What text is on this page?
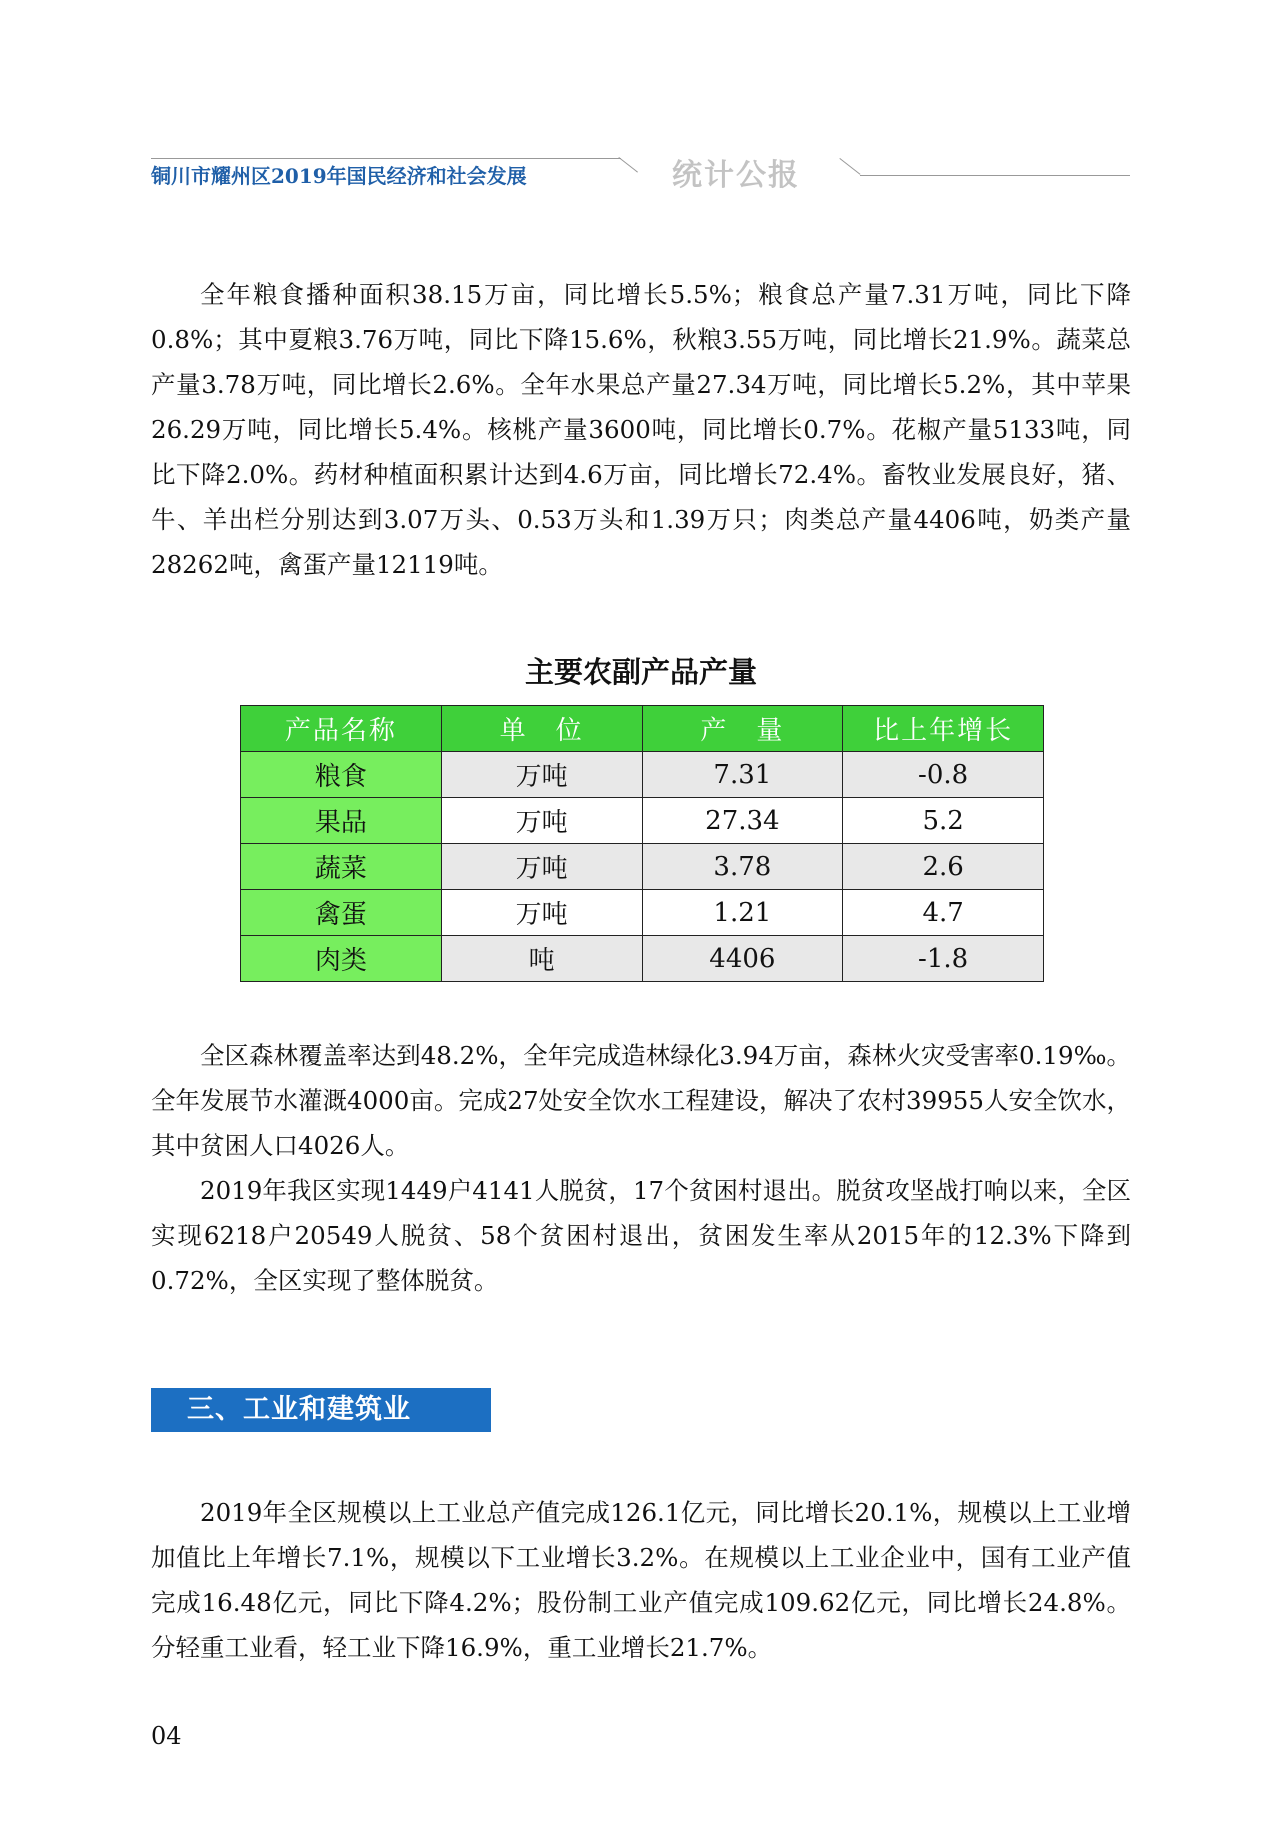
铜川市耀州区2019年国民经济和社会发展	统计公报

全年粮食播种面积38.15万亩，同比增长5.5%；粮食总产量7.31万吨，同比下降0.8%；其中夏粮3.76万吨，同比下降15.6%，秋粮3.55万吨，同比增长21.9%。蔬菜总产量3.78万吨，同比增长2.6%。全年水果总产量27.34万吨，同比增长5.2%，其中苹果26.29万吨，同比增长5.4%。核桃产量3600吨，同比增长0.7%。花椒产量5133吨，同比下降2.0%。药材种植面积累计达到4.6万亩，同比增长72.4%。畜牧业发展良好，猪、牛、羊出栏分别达到3.07万头、0.53万头和1.39万只；肉类总产量4406吨，奶类产量28262吨，禽蛋产量12119吨。

主要农副产品产量
产品名称	单　位	产　量	比上年增长
粮食	万吨	7.31	-0.8
果品	万吨	27.34	5.2
蔬菜	万吨	3.78	2.6
禽蛋	万吨	1.21	4.7
肉类	吨	4406	-1.8

全区森林覆盖率达到48.2%，全年完成造林绿化3.94万亩，森林火灾受害率0.19‰。全年发展节水灌溉4000亩。完成27处安全饮水工程建设，解决了农村39955人安全饮水，其中贫困人口4026人。

2019年我区实现1449户4141人脱贫，17个贫困村退出。脱贫攻坚战打响以来，全区实现6218户20549人脱贫、58个贫困村退出，贫困发生率从2015年的12.3%下降到0.72%，全区实现了整体脱贫。

三、工业和建筑业

2019年全区规模以上工业总产值完成126.1亿元，同比增长20.1%，规模以上工业增加值比上年增长7.1%，规模以下工业增长3.2%。在规模以上工业企业中，国有工业产值完成16.48亿元，同比下降4.2%；股份制工业产值完成109.62亿元，同比增长24.8%。分轻重工业看，轻工业下降16.9%，重工业增长21.7%。

04
